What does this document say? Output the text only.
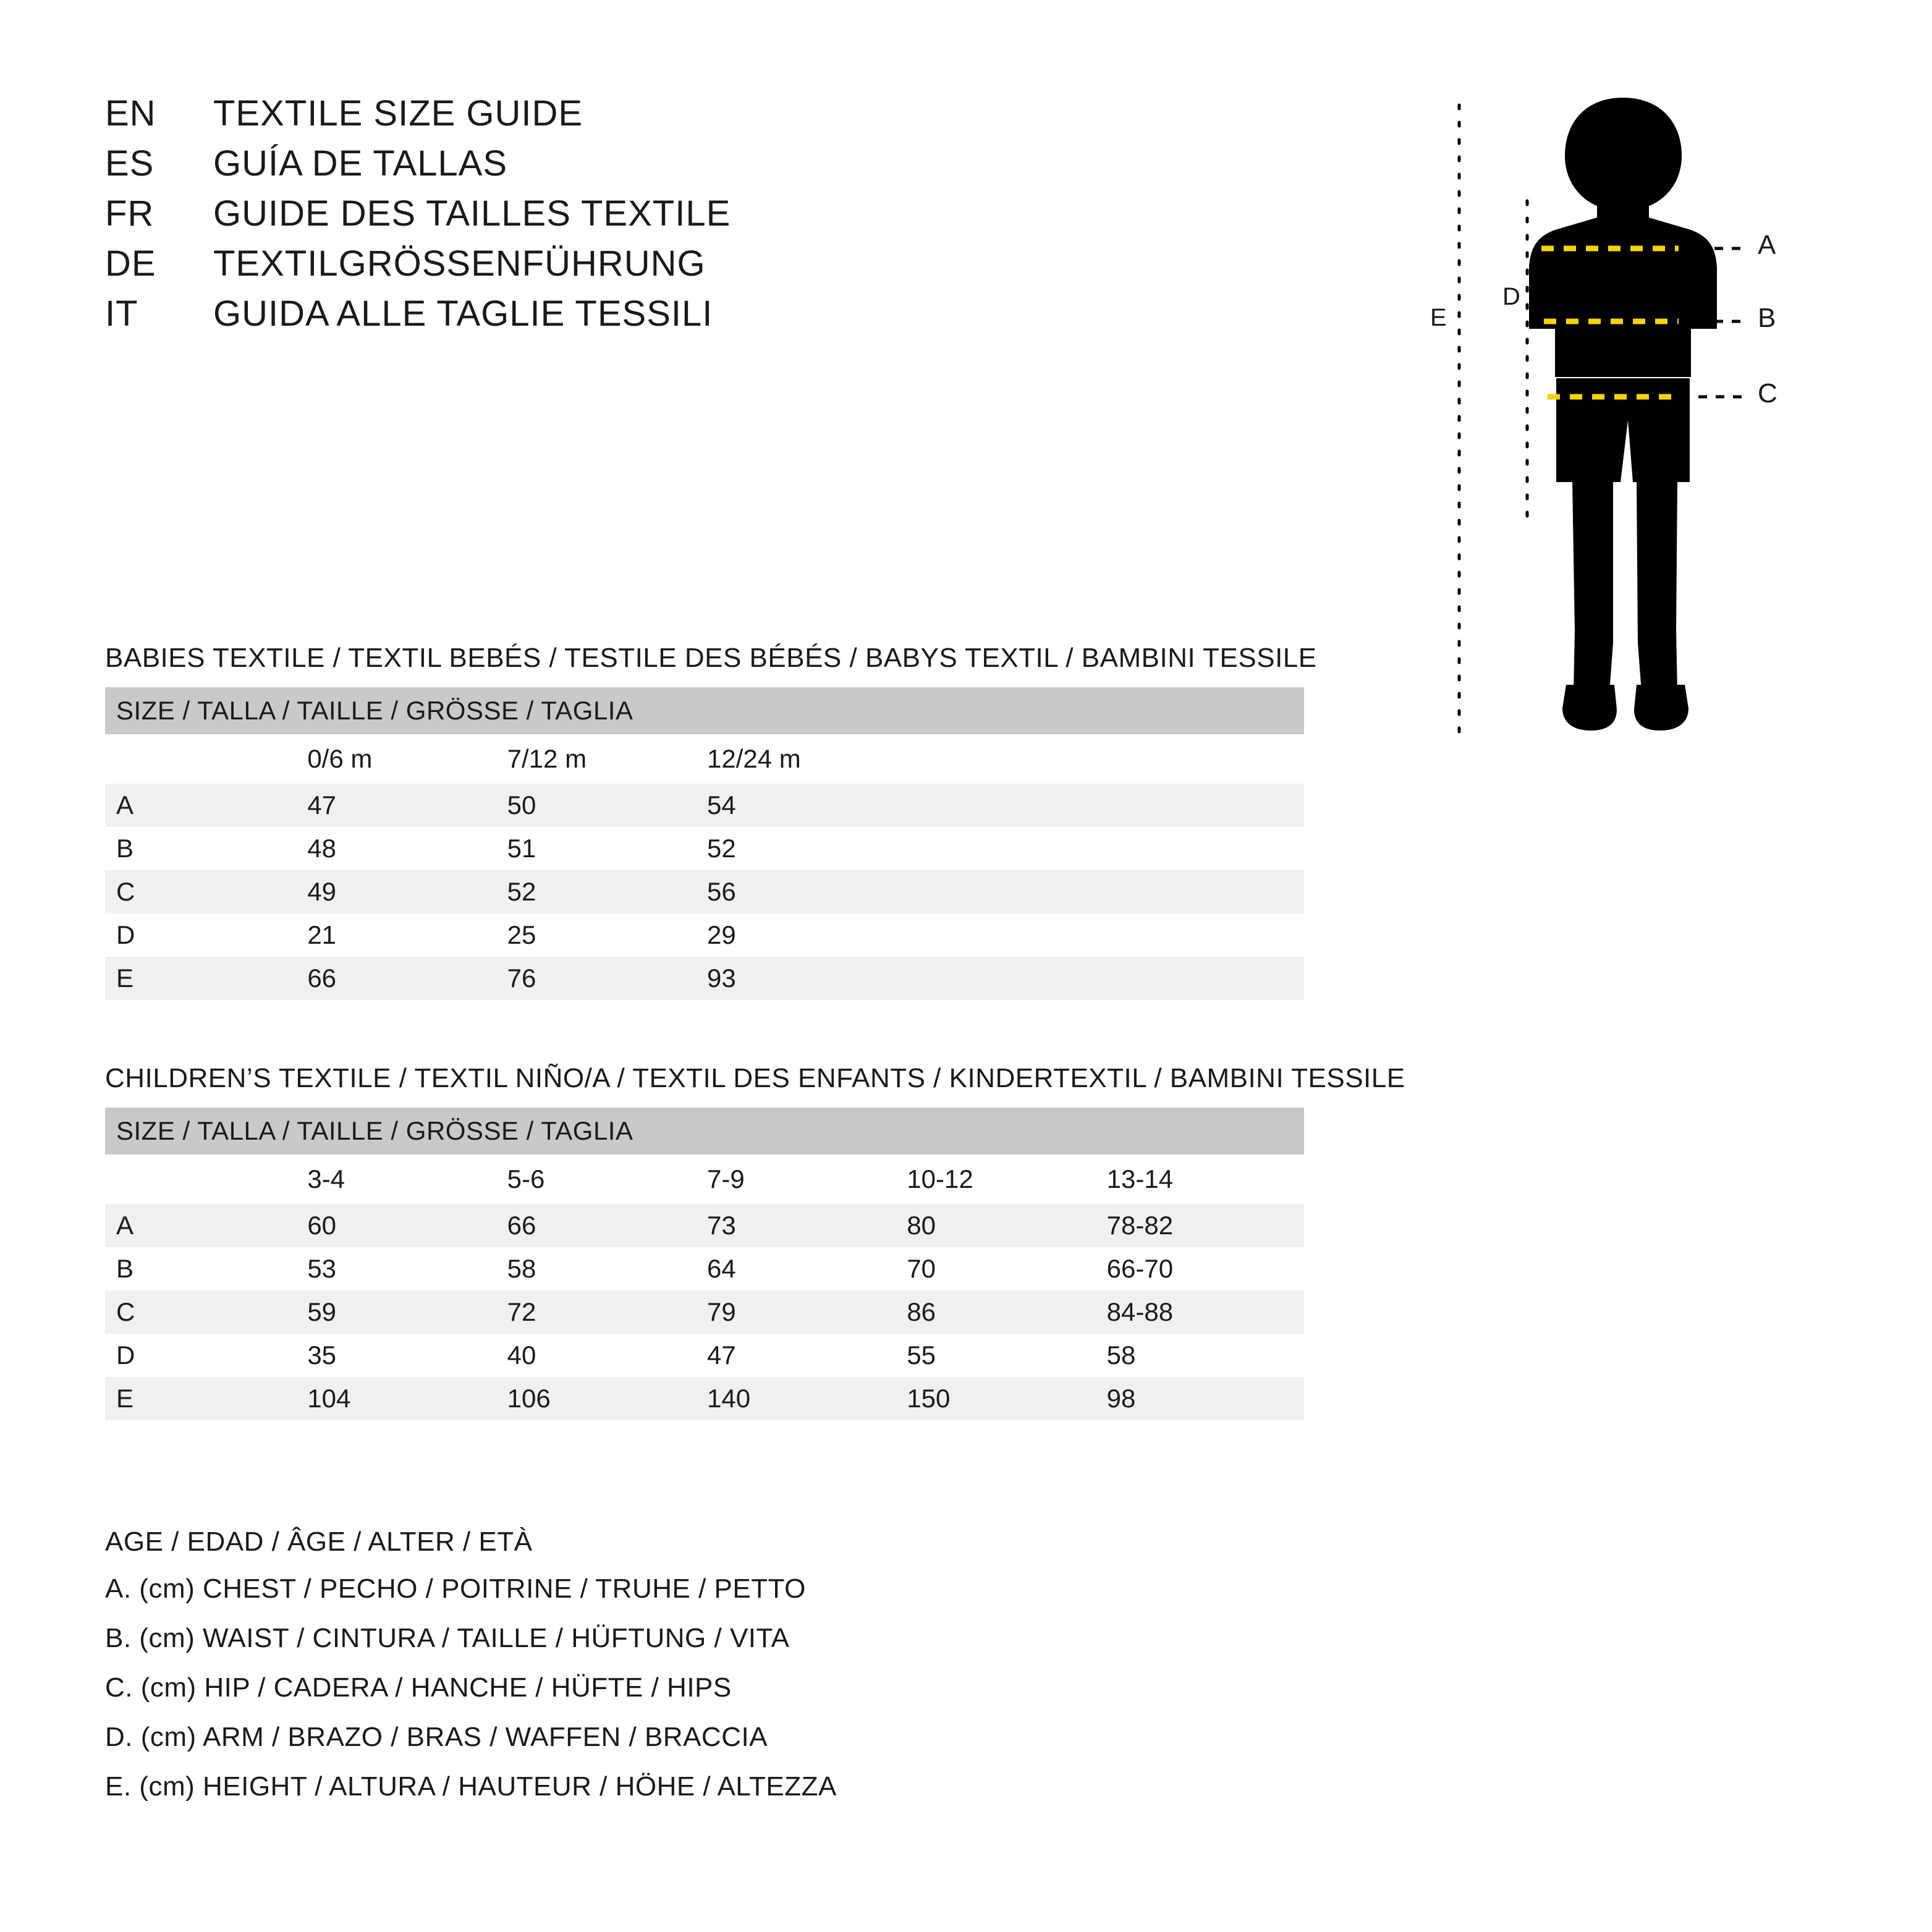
EN	TEXTILE SIZE GUIDE
ES	GUÍA DE TALLAS
FR	GUIDE DES TAILLES TEXTILE
DE	TEXTILGRÖSSENFÜHRUNG
IT	GUIDA ALLE TAGLIE TESSILI
A
B
C
D
E
BABIES TEXTILE / TEXTIL BEBÉS / TESTILE DES BÉBÉS / BABYS TEXTIL / BAMBINI TESSILE
SIZE / TALLA / TAILLE / GRÖSSE / TAGLIA					
	0/6 m	7/12 m	12/24 m		
A	47	50	54		
B	48	51	52		
C	49	52	56		
D	21	25	29		
E	66	76	93		
CHILDREN’S TEXTILE / TEXTIL NIÑO/A / TEXTIL DES ENFANTS / KINDERTEXTIL / BAMBINI TESSILE
SIZE / TALLA / TAILLE / GRÖSSE / TAGLIA					
	3-4	5-6	7-9	10-12	13-14
A	60	66	73	80	78-82
B	53	58	64	70	66-70
C	59	72	79	86	84-88
D	35	40	47	55	58
E	104	106	140	150	98
AGE / EDAD / ÂGE / ALTER / ETÀ
A. (cm) CHEST / PECHO / POITRINE / TRUHE / PETTO
B. (cm) WAIST / CINTURA / TAILLE / HÜFTUNG / VITA
C. (cm) HIP / CADERA / HANCHE / HÜFTE / HIPS
D. (cm) ARM / BRAZO / BRAS / WAFFEN / BRACCIA
E. (cm) HEIGHT / ALTURA / HAUTEUR / HÖHE / ALTEZZA
